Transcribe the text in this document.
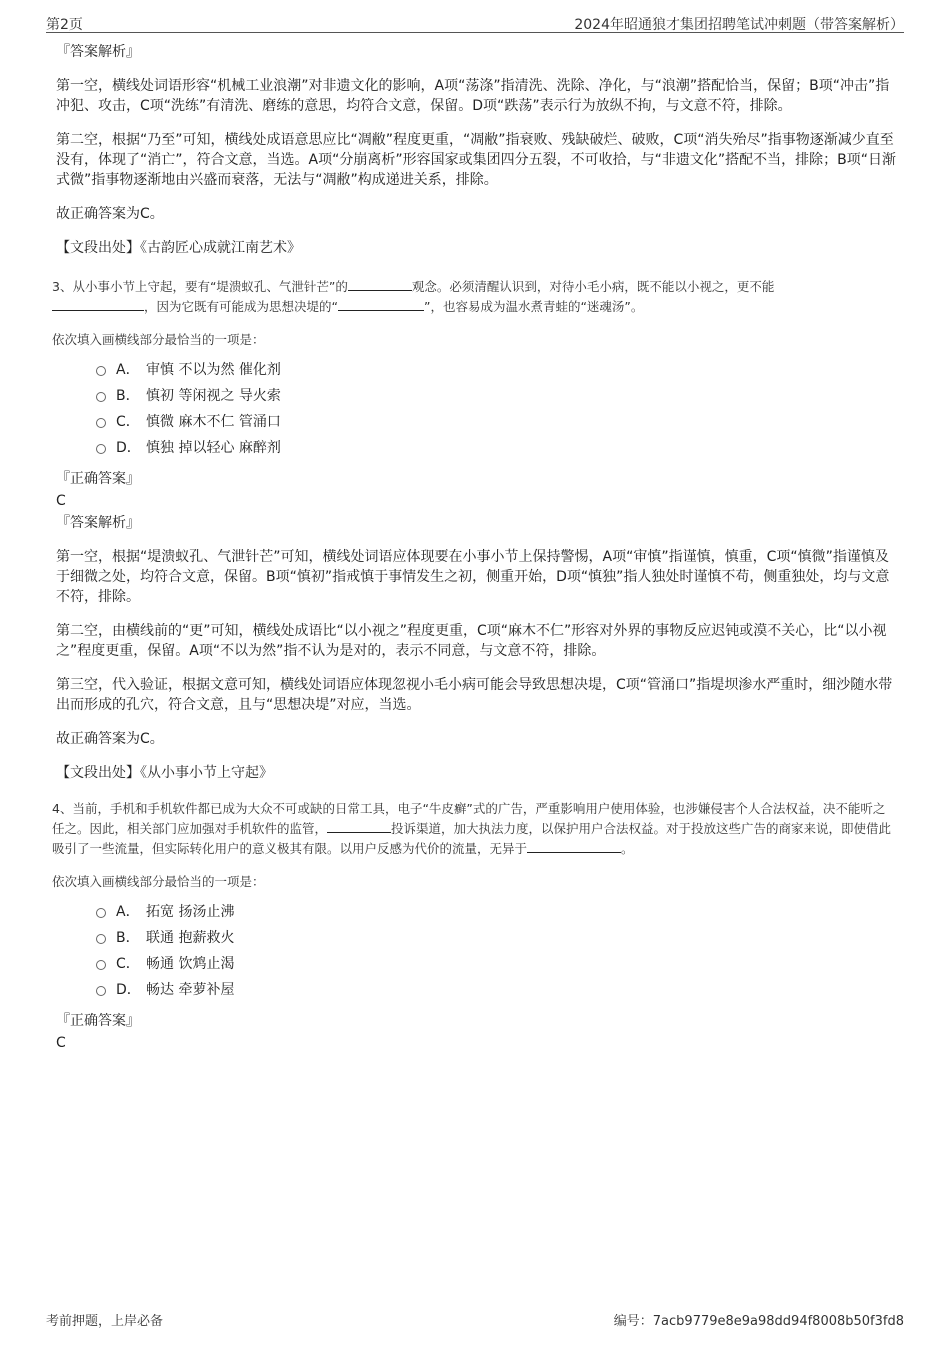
第2页	2024年昭通狼才集团招聘笔试冲刺题（带答案解析）
『答案解析』

第一空，横线处词语形容“机械工业浪潮”对非遗文化的影响，A项“荡涤”指清洗、洗除、净化，与“浪潮”搭配恰当，保留；B项“冲击”指冲犯、攻击，C项“洗练”有清洗、磨练的意思，均符合文意，保留。D项“跌荡”表示行为放纵不拘，与文意不符，排除。

第二空，根据“乃至”可知，横线处成语意思应比“凋敝”程度更重，“凋敝”指衰败、残缺破烂、破败，C项“消失殆尽”指事物逐渐减少直至没有，体现了“消亡”，符合文意，当选。A项“分崩离析”形容国家或集团四分五裂，不可收拾，与“非遗文化”搭配不当，排除；B项“日渐式微”指事物逐渐地由兴盛而衰落，无法与“凋敝”构成递进关系，排除。

故正确答案为C。

【文段出处】《古韵匠心成就江南艺术》

3、从小事小节上守起，要有“堤溃蚁孔、气泄针芒”的	观念。必须清醒认识到，对待小毛小病，既不能以小视之，更不能
，因为它既有可能成为思想决堤的“	”，也容易成为温水煮青蛙的“迷魂汤”。
依次填入画横线部分最恰当的一项是：
A． 审慎 不以为然 催化剂
B． 慎初 等闲视之 导火索
C． 慎微 麻木不仁 管涌口
D． 慎独 掉以轻心 麻醉剂
『正确答案』
C
『答案解析』

第一空，根据“堤溃蚁孔、气泄针芒”可知，横线处词语应体现要在小事小节上保持警惕，A项“审慎”指谨慎，慎重，C项“慎微”指谨慎及于细微之处，均符合文意，保留。B项“慎初”指戒慎于事情发生之初，侧重开始，D项“慎独”指人独处时谨慎不苟，侧重独处，均与文意不符，排除。

第二空，由横线前的“更”可知，横线处成语比“以小视之”程度更重，C项“麻木不仁”形容对外界的事物反应迟钝或漠不关心，比“以小视之”程度更重，保留。A项“不以为然”指不认为是对的，表示不同意，与文意不符，排除。

第三空，代入验证，根据文意可知，横线处词语应体现忽视小毛小病可能会导致思想决堤，C项“管涌口”指堤坝渗水严重时，细沙随水带出而形成的孔穴，符合文意，且与“思想决堤”对应，当选。

故正确答案为C。

【文段出处】《从小事小节上守起》

4、当前，手机和手机软件都已成为大众不可或缺的日常工具，电子“牛皮癣”式的广告，严重影响用户使用体验，也涉嫌侵害个人合法权益，决不能听之任之。因此，相关部门应加强对手机软件的监管，	投诉渠道，加大执法力度，以保护用户合法权益。对于投放这些广告的商家来说，即使借此吸引了一些流量，但实际转化用户的意义极其有限。以用户反感为代价的流量，无异于	。
依次填入画横线部分最恰当的一项是：
A． 拓宽 扬汤止沸
B． 联通 抱薪救火
C． 畅通 饮鸩止渴
D． 畅达 牵萝补屋
『正确答案』
C
考前押题，上岸必备	编号：7acb9779e8e9a98dd94f8008b50f3fd8
